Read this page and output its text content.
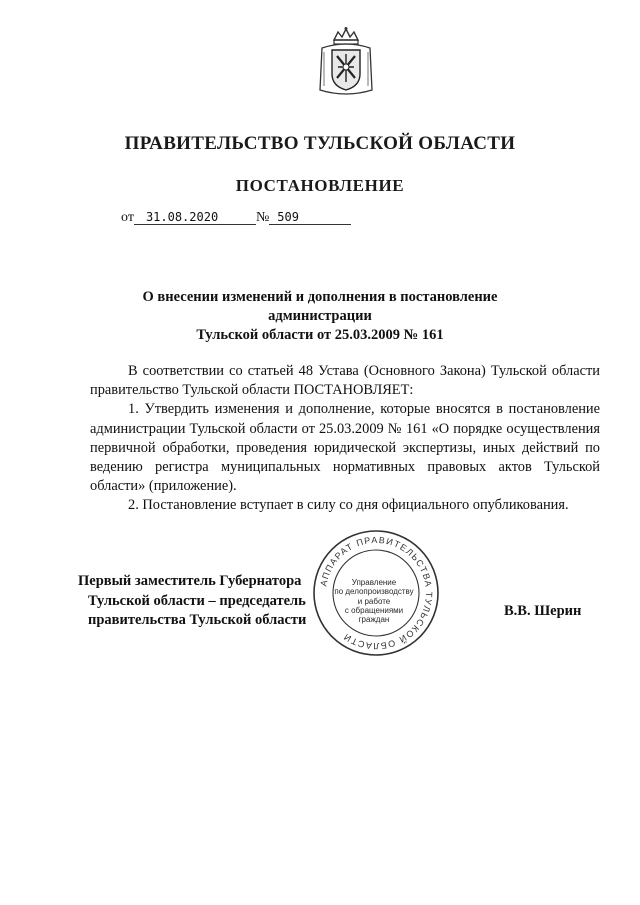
ПРАВИТЕЛЬСТВО ТУЛЬСКОЙ ОБЛАСТИ
ПОСТАНОВЛЕНИЕ
от 31.08.2020	№ 509
О внесении изменений и дополнения в постановление администрации
Тульской области от 25.03.2009 № 161

В соответствии со статьей 48 Устава (Основного Закона) Тульской области правительство Тульской области ПОСТАНОВЛЯЕТ:

1. Утвердить изменения и дополнение, которые вносятся в постановление администрации Тульской области от 25.03.2009 № 161 «О порядке осуществления первичной обработки, проведения юридической экспертизы, иных действий по ведению регистра муниципальных нормативных правовых актов Тульской области» (приложение).

2. Постановление вступает в силу со дня официального опубликования.

Первый заместитель Губернатора
Тульской области – председатель
правительства Тульской области
В.В. Шерин
АППАРАТ ПРАВИТЕЛЬСТВА ТУЛЬСКОЙ ОБЛАСТИ
Управление
по делопроизводству
и работе
с обращениями
граждан
